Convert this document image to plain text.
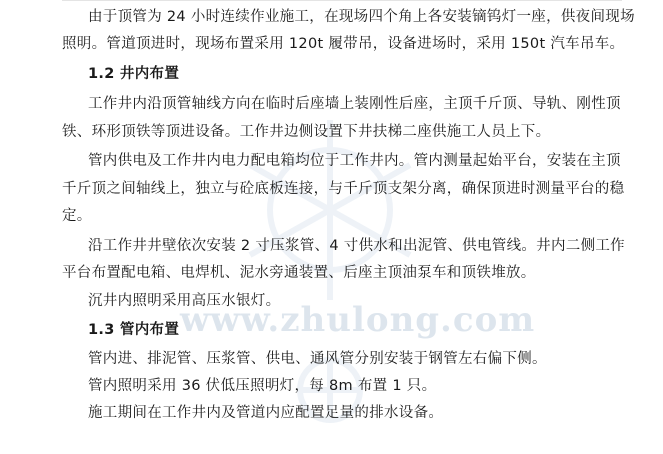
www.zhulong.com
由于顶管为 24 小时连续作业施工，在现场四个角上各安装镝钨灯一座，供夜间现场
照明。管道顶进时，现场布置采用 120t 履带吊，设备进场时，采用 150t 汽车吊车。
1.2 井内布置
工作井内沿顶管轴线方向在临时后座墙上装刚性后座，主顶千斤顶、导轨、刚性顶
铁、环形顶铁等顶进设备。工作井边侧设置下井扶梯二座供施工人员上下。
管内供电及工作井内电力配电箱均位于工作井内。管内测量起始平台，安装在主顶
千斤顶之间轴线上，独立与砼底板连接，与千斤顶支架分离，确保顶进时测量平台的稳
定。
沿工作井井壁依次安装 2 寸压浆管、4 寸供水和出泥管、供电管线。井内二侧工作
平台布置配电箱、电焊机、泥水旁通装置、后座主顶油泵车和顶铁堆放。
沉井内照明采用高压水银灯。
1.3 管内布置
管内进、排泥管、压浆管、供电、通风管分别安装于钢管左右偏下侧。
管内照明采用 36 伏低压照明灯，每 8m 布置 1 只。
施工期间在工作井内及管道内应配置足量的排水设备。
